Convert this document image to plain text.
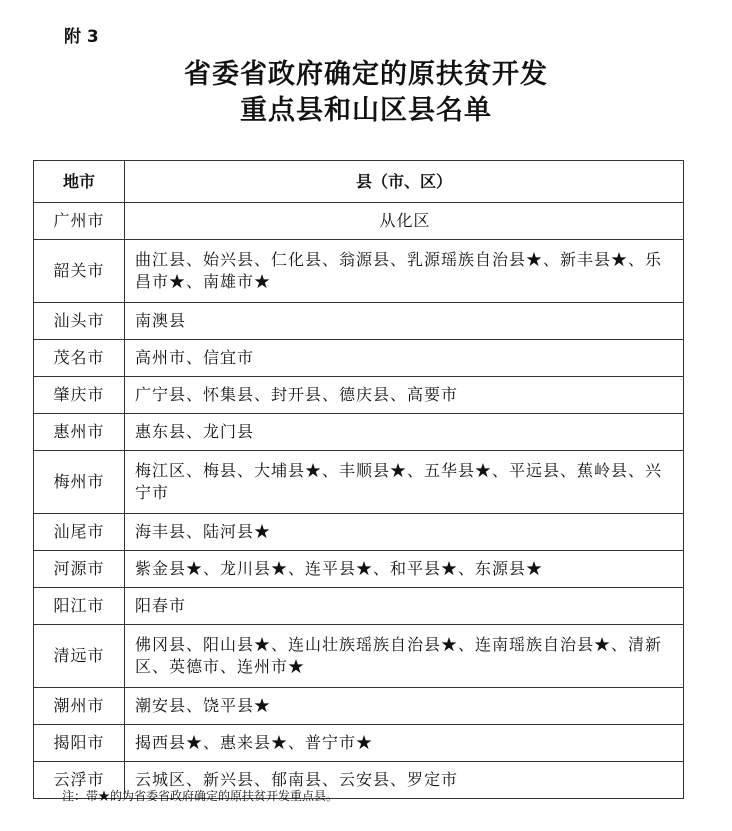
附 3
省委省政府确定的原扶贫开发
重点县和山区县名单
地市	县（市、区）
广州市	从化区
韶关市	曲江县、始兴县、仁化县、翁源县、乳源瑶族自治县★、新丰县★、乐昌市★、南雄市★
汕头市	南澳县
茂名市	高州市、信宜市
肇庆市	广宁县、怀集县、封开县、德庆县、高要市
惠州市	惠东县、龙门县
梅州市	梅江区、梅县、大埔县★、丰顺县★、五华县★、平远县、蕉岭县、兴宁市
汕尾市	海丰县、陆河县★
河源市	紫金县★、龙川县★、连平县★、和平县★、东源县★
阳江市	阳春市
清远市	佛冈县、阳山县★、连山壮族瑶族自治县★、连南瑶族自治县★、清新区、英德市、连州市★
潮州市	潮安县、饶平县★
揭阳市	揭西县★、惠来县★、普宁市★
云浮市	云城区、新兴县、郁南县、云安县、罗定市
注：带★的为省委省政府确定的原扶贫开发重点县。
